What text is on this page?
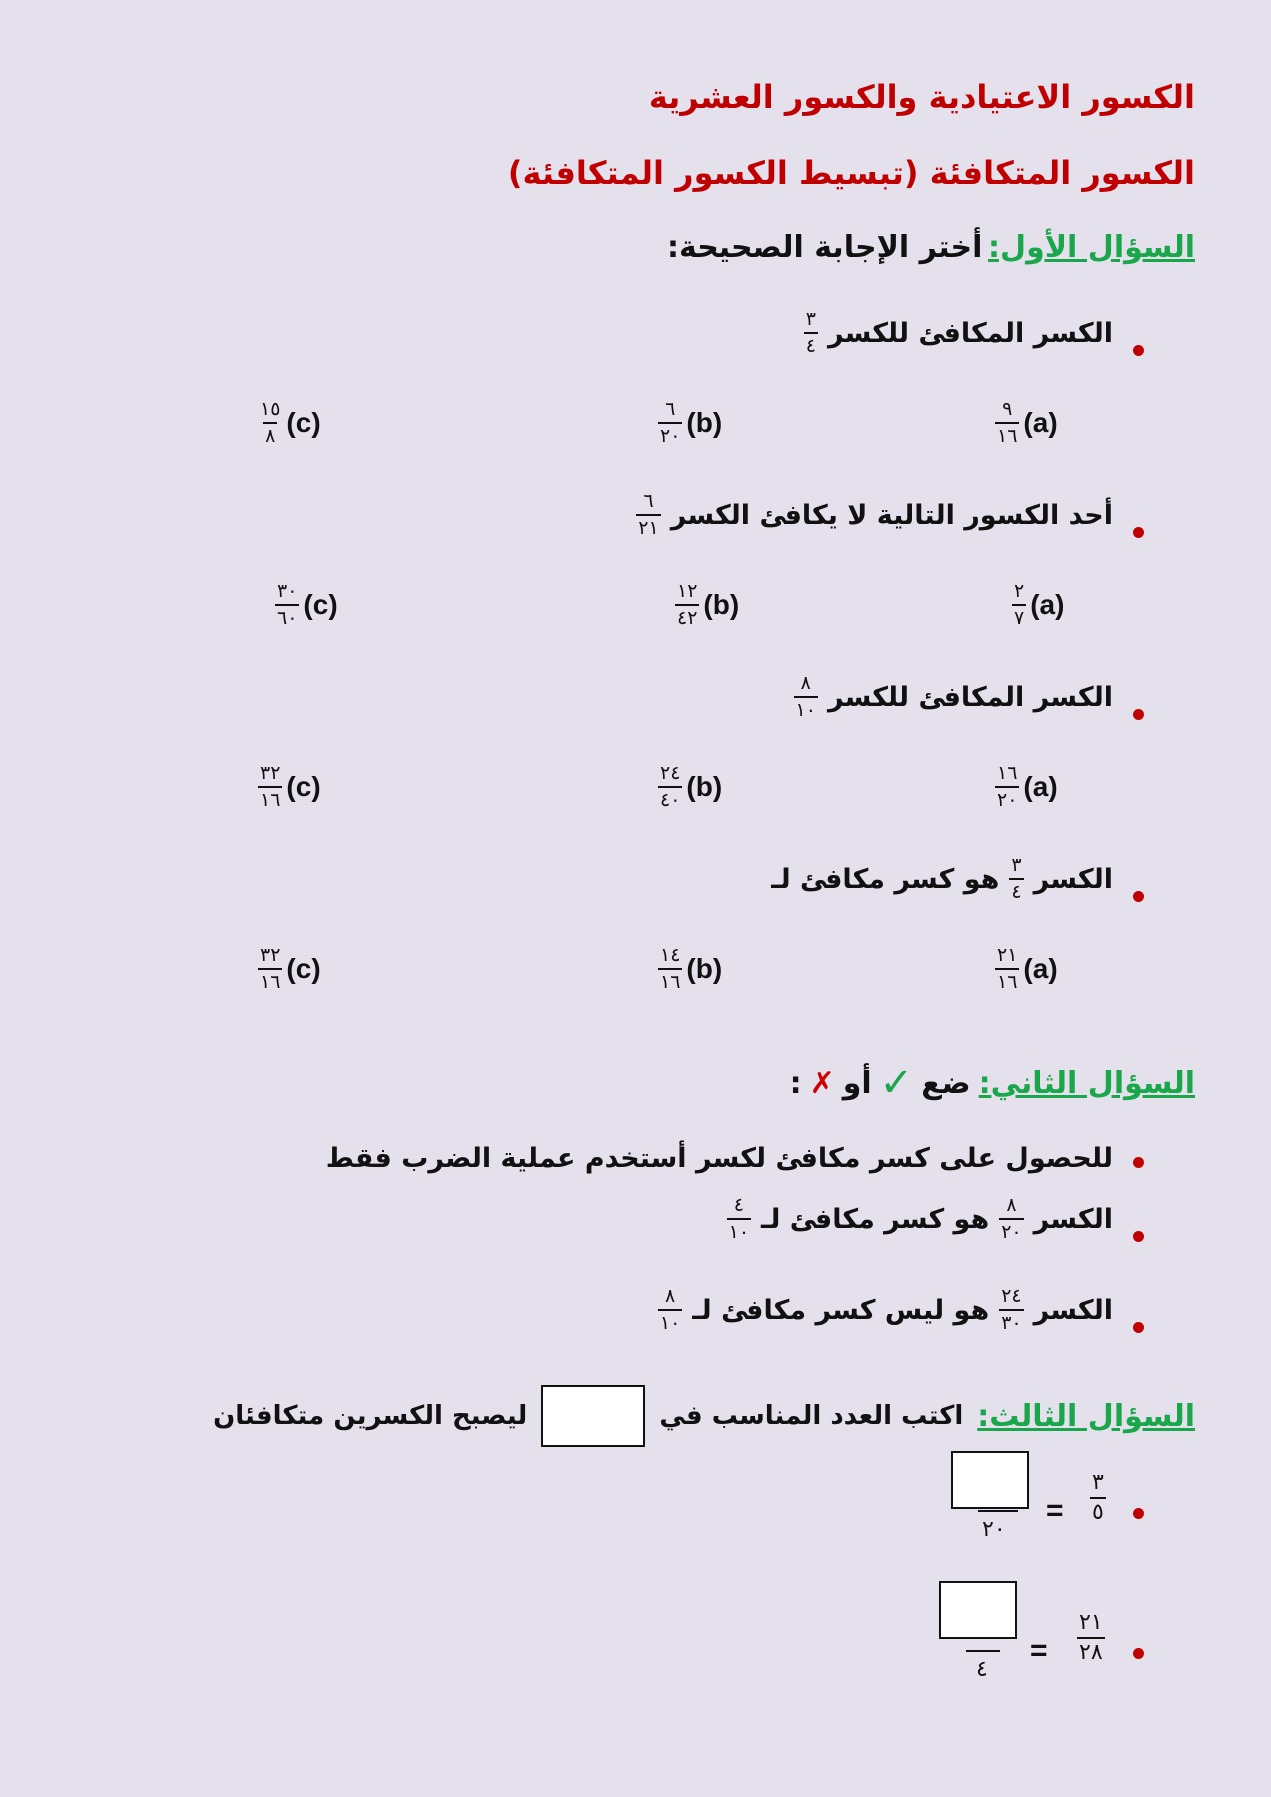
الكسور الاعتيادية والكسور العشرية
الكسور المتكافئة (تبسيط الكسور المتكافئة)
السؤال الأول: أختر الإجابة الصحيحة:
الكسر المكافئ للكسر
$\frac{٣}{٤}$
$\frac{٩}{١٦} (a)$
$\frac{٦}{٢٠} (b)$
$\frac{١٥}{٨} (c)$
أحد الكسور التالية لا يكافئ الكسر
$\frac{٦}{٢١}$
$\frac{٢}{٧} (a)$
$\frac{١٢}{٤٢} (b)$
$\frac{٣٠}{٦٠} (c)$
الكسر المكافئ للكسر
$\frac{٨}{١٠}$
$\frac{١٦}{٢٠} (a)$
$\frac{٢٤}{٤٠} (b)$
$\frac{٣٢}{١٦} (c)$
الكسر
$\frac{٣}{٤}$
هو كسر مكافئ لـ
$\frac{٢١}{١٦} (a)$
$\frac{١٤}{١٦} (b)$
$\frac{٣٢}{١٦} (c)$
السؤال الثاني:
ضع
✓
أو
✗
:
للحصول على كسر مكافئ لكسر أستخدم عملية الضرب فقط
الكسر
$\frac{٨}{٢٠}$
هو كسر مكافئ لـ
$\frac{٤}{١٠}$
الكسر
$\frac{٢٤}{٣٠}$
هو ليس كسر مكافئ لـ
$\frac{٨}{١٠}$
السؤال الثالث:
اكتب العدد المناسب في
ليصبح الكسرين متكافئان
٣
٥
=
٢٠
٢١
٢٨
=
٤
